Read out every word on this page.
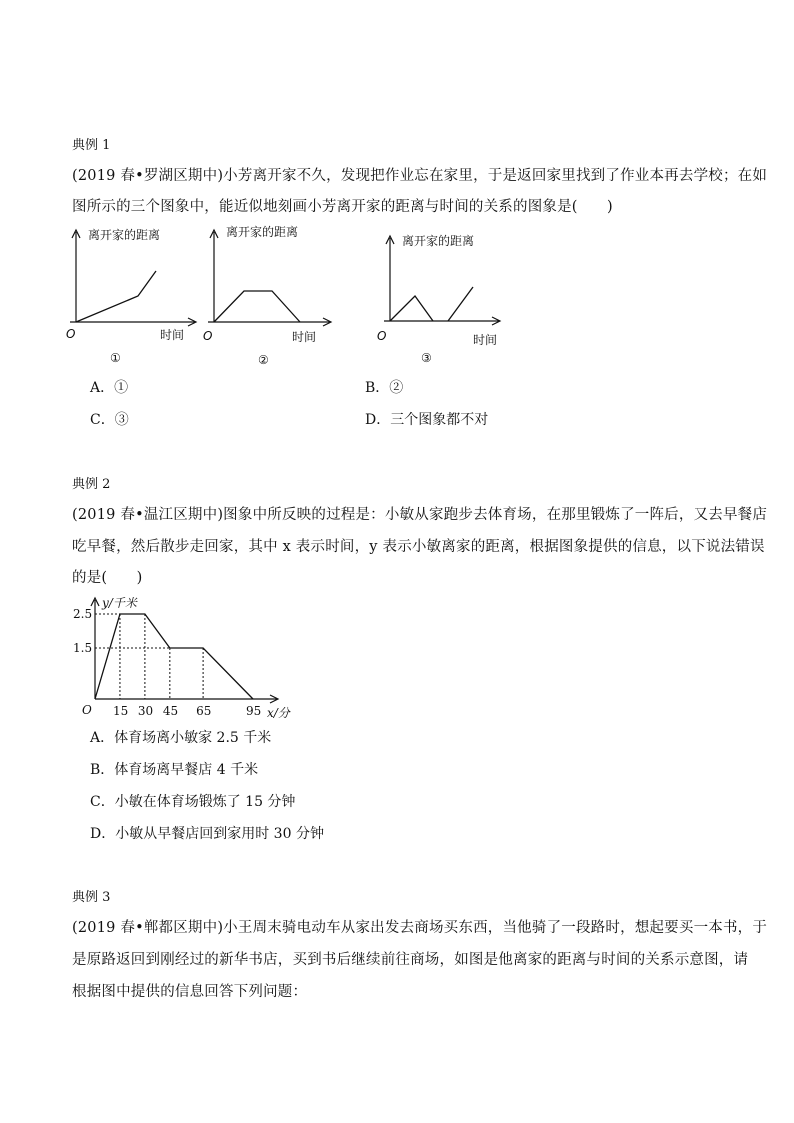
典例 1
(2019 春•罗湖区期中)小芳离开家不久，发现把作业忘在家里，于是返回家里找到了作业本再去学校；在如
图所示的三个图象中，能近似地刻画小芳离开家的距离与时间的关系的图象是(　　)
离开家的距离
时间
O
①
离开家的距离
时间
O
②
离开家的距离
时间
O
③
A．①	B．②
C．③	D．三个图象都不对
典例 2
(2019 春•温江区期中)图象中所反映的过程是：小敏从家跑步去体育场，在那里锻炼了一阵后，又去早餐店
吃早餐，然后散步走回家，其中 x 表示时间，y 表示小敏离家的距离，根据图象提供的信息，以下说法错误
的是(　　)
1.5
2.5
15 30 45 65	95
O
y/千米
x/分
A．体育场离小敏家 2.5 千米
B．体育场离早餐店 4 千米
C．小敏在体育场锻炼了 15 分钟
D．小敏从早餐店回到家用时 30 分钟
典例 3
(2019 春•郸都区期中)小王周末骑电动车从家出发去商场买东西，当他骑了一段路时，想起要买一本书，于
是原路返回到刚经过的新华书店，买到书后继续前往商场，如图是他离家的距离与时间的关系示意图，请
根据图中提供的信息回答下列问题：
